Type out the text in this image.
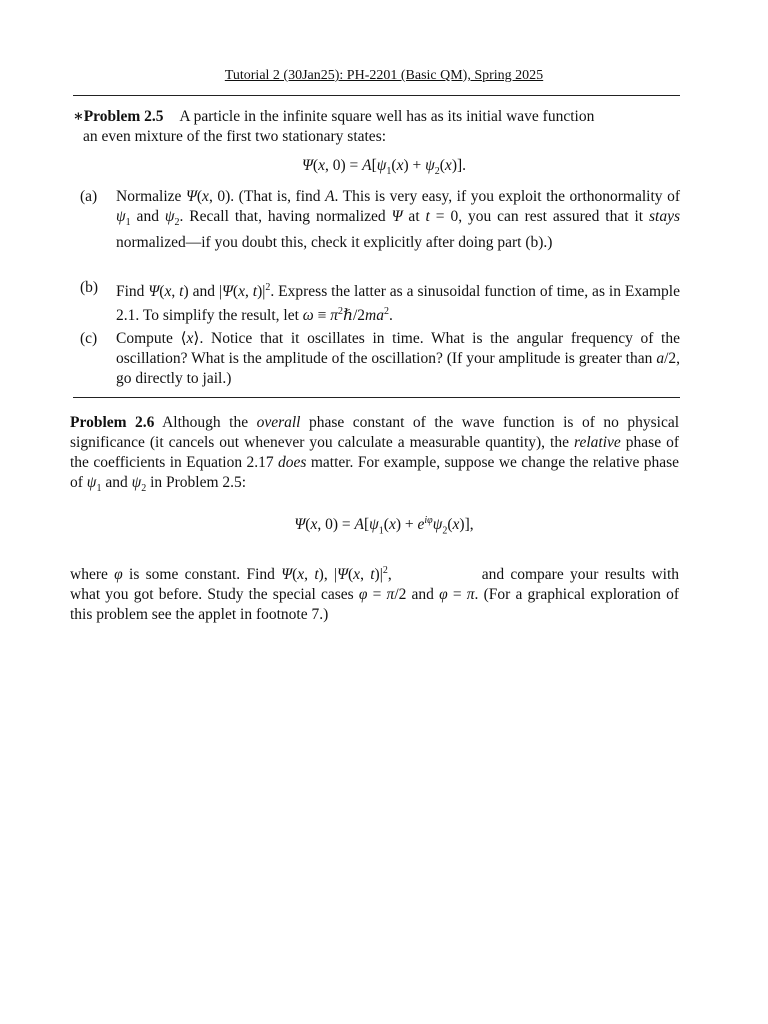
Tutorial 2 (30Jan25): PH-2201 (Basic QM), Spring 2025
∗Problem 2.5 A particle in the infinite square well has as its initial wave function
an even mixture of the first two stationary states:
Ψ(x, $0) = A[\psi_1(x) + \psi_2(x)]$.
(a) Normalize Ψ(x, 0). (That is, find A. This is very easy, if you exploit the orthonormality of $\psi_1$ and $\psi_2$. Recall that, having normalized Ψ at t = 0, you can rest assured that it stays normalized—if you doubt this, check it explicitly after doing part (b).)
(b) Find Ψ(x, t) and |Ψ(x, $t)|^2$. Express the latter as a sinusoidal function of time, as in Example 2.1. To simplify the result, let $\omega \equiv \pi^2\hbar/2ma^2$.
(c) Compute ⟨x⟩. Notice that it oscillates in time. What is the angular frequency of the oscillation? What is the amplitude of the oscillation? (If your amplitude is greater than a/2, go directly to jail.)
Problem 2.6 Although the overall phase constant of the wave function is of no physical significance (it cancels out whenever you calculate a measurable quantity), the relative phase of the coefficients in Equation 2.17 does matter. For example, suppose we change the relative phase of $\psi_1$ and $\psi_2$ in Problem 2.5:
Ψ(x, $0) = A[\psi_1(x) + e^{i\varphi}\psi_2(x)]$,
where φ is some constant. Find Ψ(x, t), |Ψ(x, $t)|^2$,	and compare your results with what you got before. Study the special cases φ = π/2 and φ = π. (For a graphical exploration of this problem see the applet in footnote 7.)
